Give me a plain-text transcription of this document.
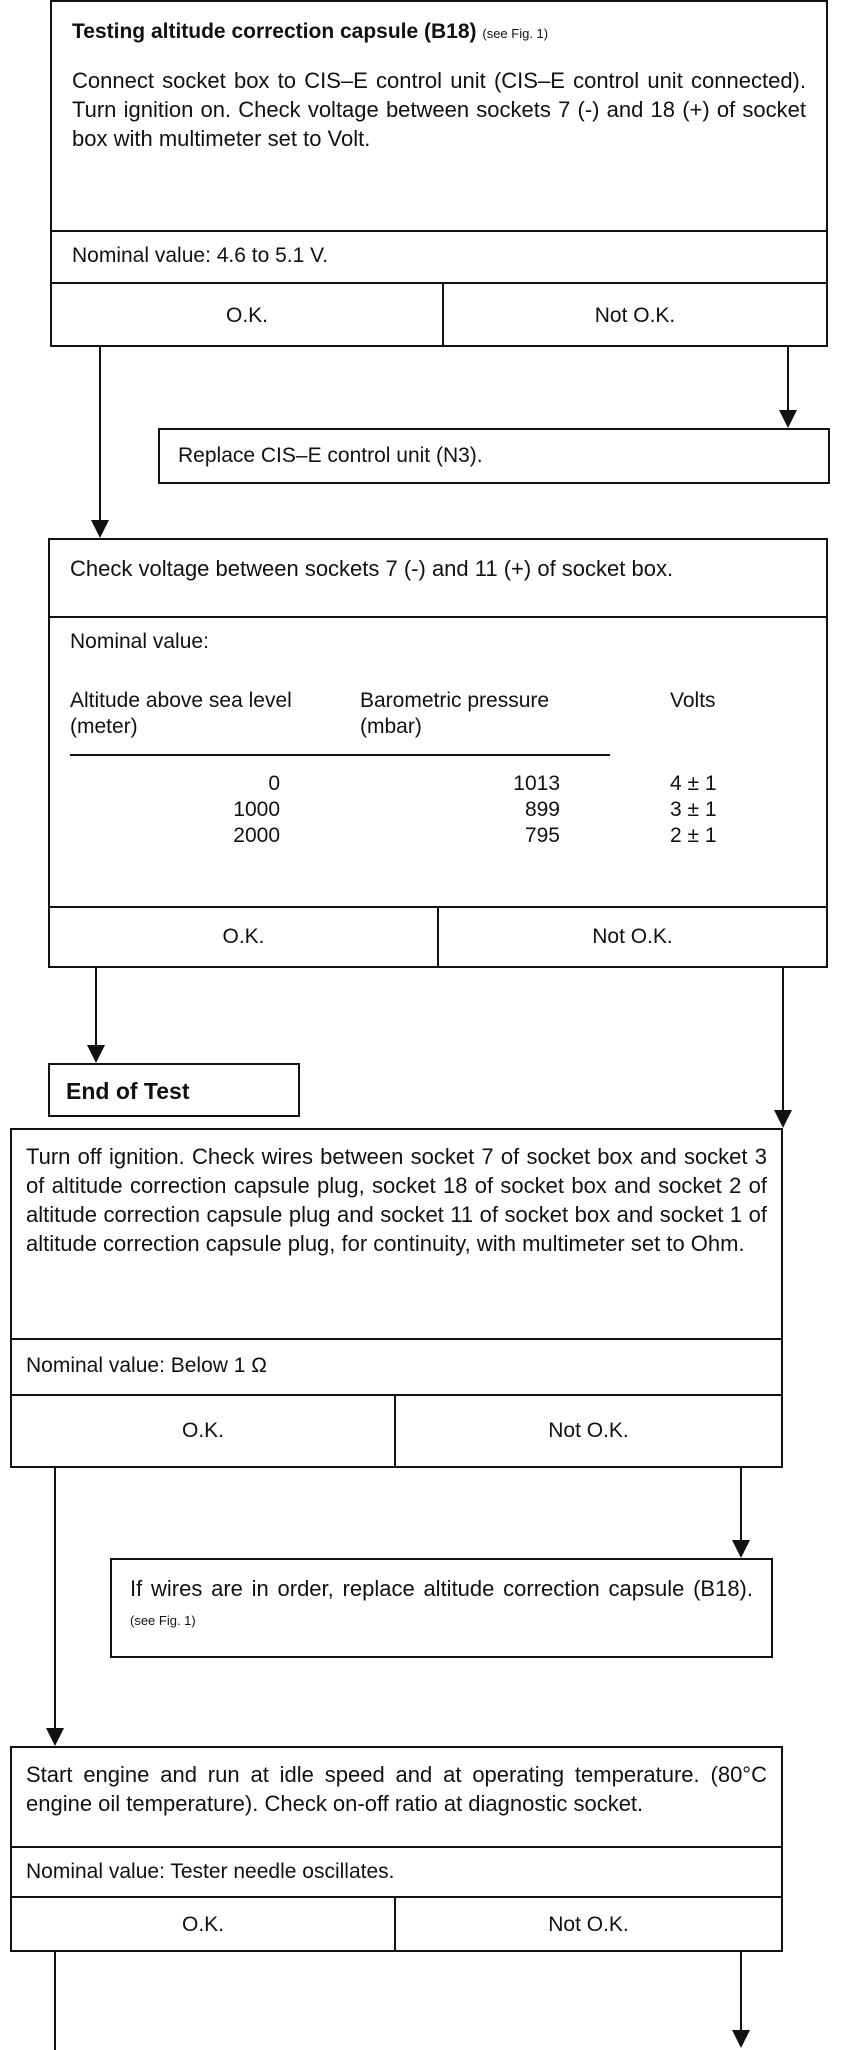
Testing altitude correction capsule (B18) (see Fig. 1)
Connect socket box to CIS–E control unit (CIS–E control unit connected). Turn ignition on. Check voltage between sockets 7 (-) and 18 (+) of socket box with multimeter set to Volt.
Nominal value: 4.6 to 5.1 V.
O.K.	Not O.K.
Replace CIS–E control unit (N3).
Check voltage between sockets 7 (-) and 11 (+) of socket box.
Nominal value:
Altitude above sea level (meter)	Barometric pressure (mbar)	Volts
0	1013	4 ± 1
1000	899	3 ± 1
2000	795	2 ± 1
O.K.	Not O.K.
End of Test
Turn off ignition. Check wires between socket 7 of socket box and socket 3 of altitude correction capsule plug, socket 18 of socket box and socket 2 of altitude correction capsule plug and socket 11 of socket box and socket 1 of altitude correction capsule plug, for continuity, with multimeter set to Ohm.
Nominal value: Below 1 Ω
O.K.	Not O.K.
If wires are in order, replace altitude correction capsule (B18). (see Fig. 1)
Start engine and run at idle speed and at operating temperature. (80°C engine oil temperature). Check on-off ratio at diagnostic socket.
Nominal value: Tester needle oscillates.
O.K.	Not O.K.
